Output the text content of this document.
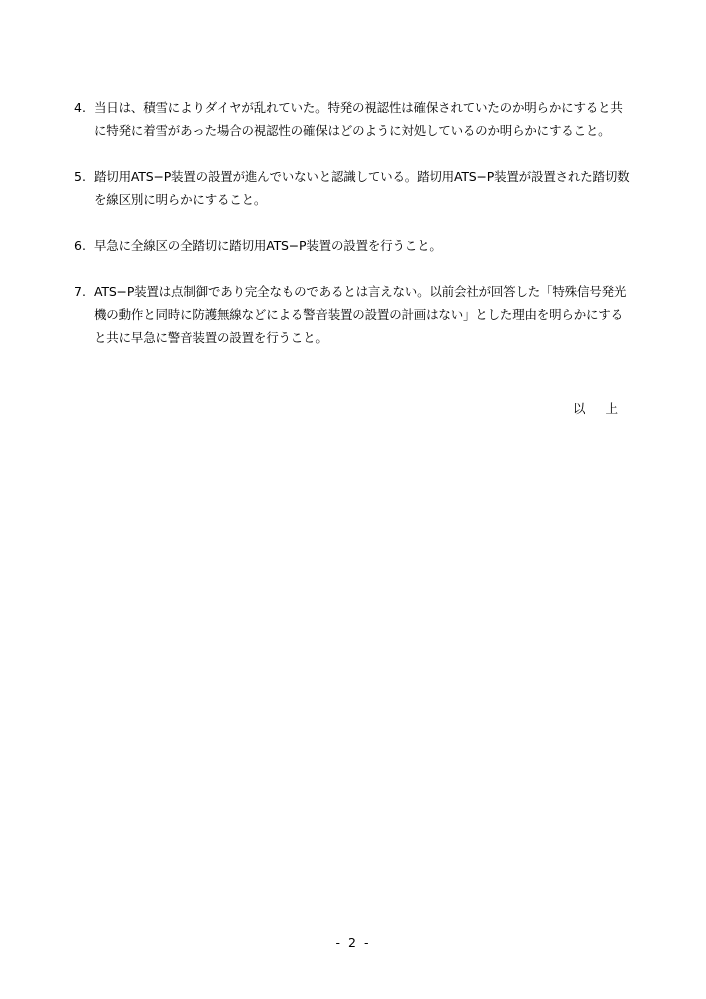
4. 当日は、積雪によりダイヤが乱れていた。特発の視認性は確保されていたのか明らかにすると共に特発に着雪があった場合の視認性の確保はどのように対処しているのか明らかにすること。
5. 踏切用ATS−P装置の設置が進んでいないと認識している。踏切用ATS−P装置が設置された踏切数を線区別に明らかにすること。
6. 早急に全線区の全踏切に踏切用ATS−P装置の設置を行うこと。
7. ATS−P装置は点制御であり完全なものであるとは言えない。以前会社が回答した「特殊信号発光機の動作と同時に防護無線などによる警音装置の設置の計画はない」とした理由を明らかにすると共に早急に警音装置の設置を行うこと。
以 上
- 2 -
